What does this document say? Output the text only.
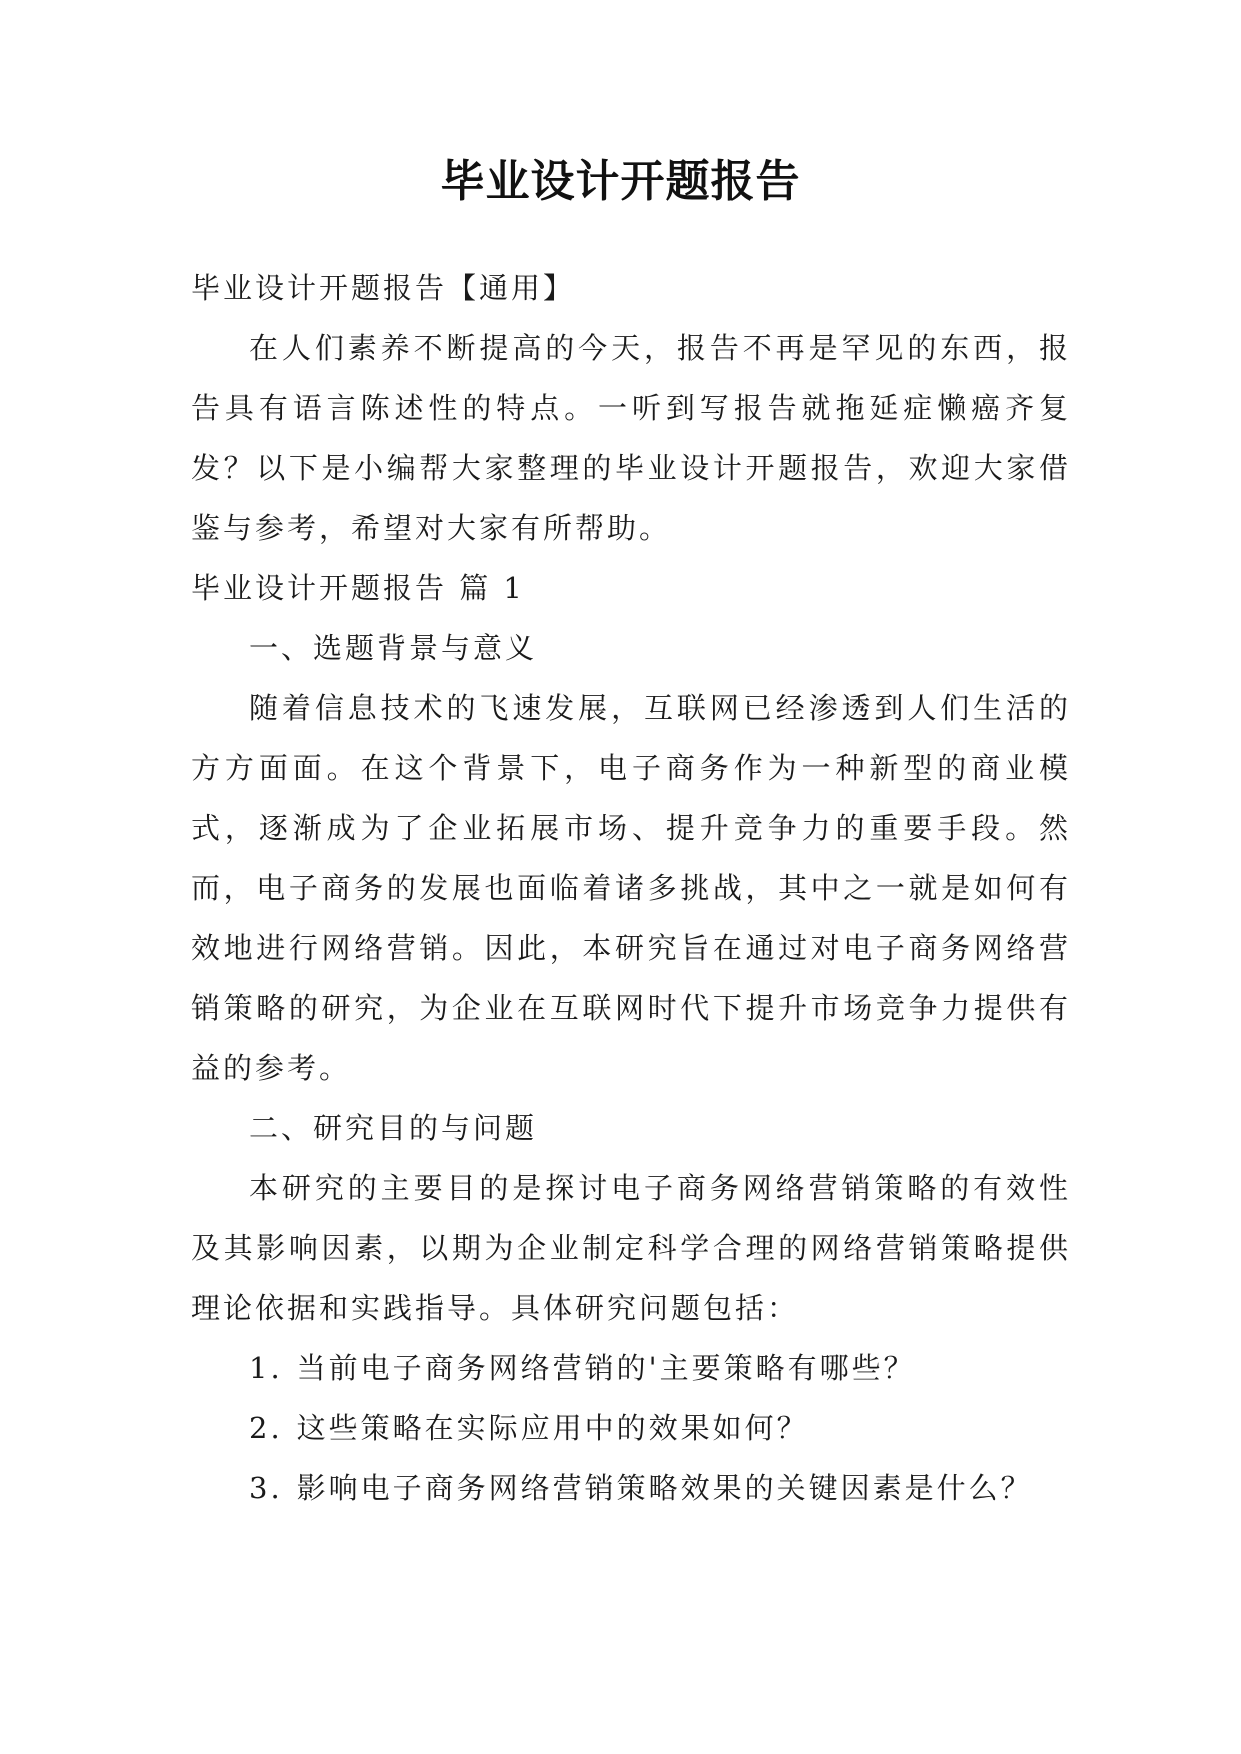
毕业设计开题报告

毕业设计开题报告【通用】

在人们素养不断提高的今天，报告不再是罕见的东西，报告具有语言陈述性的特点。一听到写报告就拖延症懒癌齐复发？以下是小编帮大家整理的毕业设计开题报告，欢迎大家借鉴与参考，希望对大家有所帮助。

毕业设计开题报告 篇 1

一、选题背景与意义

随着信息技术的飞速发展，互联网已经渗透到人们生活的方方面面。在这个背景下，电子商务作为一种新型的商业模式，逐渐成为了企业拓展市场、提升竞争力的重要手段。然而，电子商务的发展也面临着诸多挑战，其中之一就是如何有效地进行网络营销。因此，本研究旨在通过对电子商务网络营销策略的研究，为企业在互联网时代下提升市场竞争力提供有益的参考。

二、研究目的与问题

本研究的主要目的是探讨电子商务网络营销策略的有效性及其影响因素，以期为企业制定科学合理的网络营销策略提供理论依据和实践指导。具体研究问题包括：

1. 当前电子商务网络营销的'主要策略有哪些？

2. 这些策略在实际应用中的效果如何？

3. 影响电子商务网络营销策略效果的关键因素是什么？
